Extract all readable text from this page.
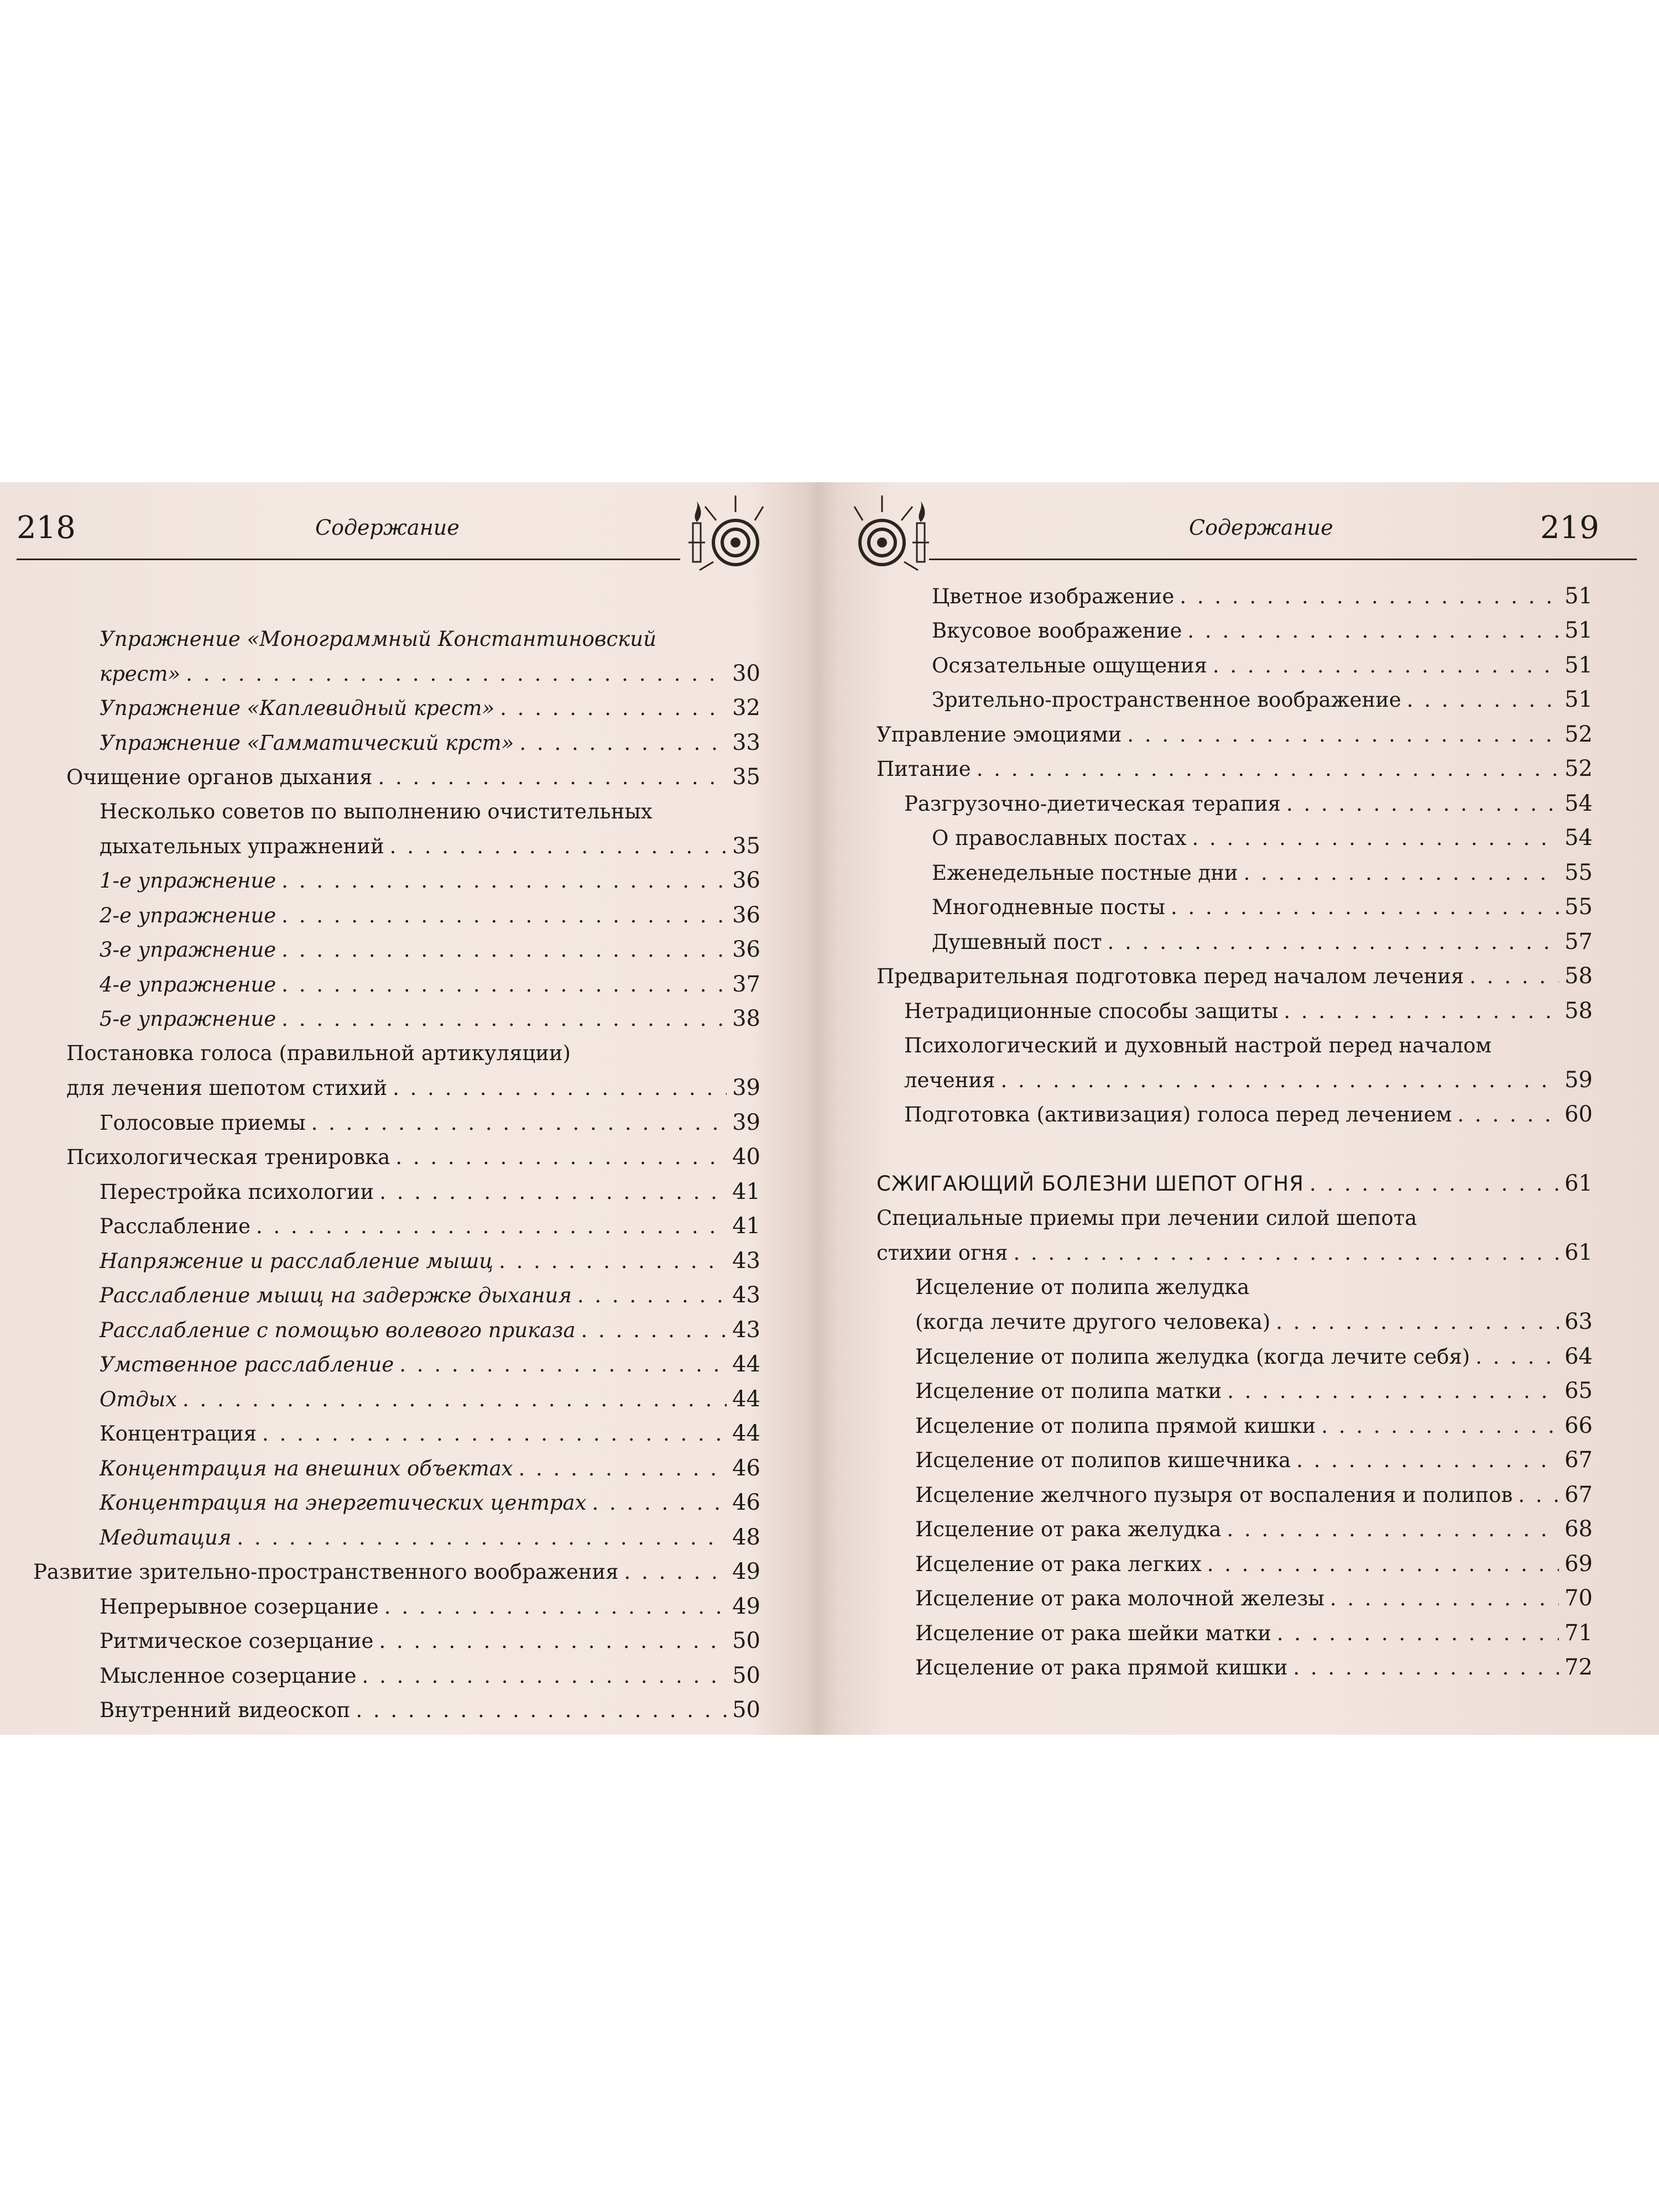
218	Содержание
Упражнение «Монограммный Константиновский
крест» . . .	30
Упражнение «Каплевидный крест» . . .	32
Упражнение «Гамматический крст» . . .	33
Очищение органов дыхания . . .	35
Несколько советов по выполнению очистительных
дыхательных упражнений . . .	35
1-е упражнение . . .	36
2-е упражнение . . .	36
3-е упражнение . . .	36
4-е упражнение . . .	37
5-е упражнение . . .	38
Постановка голоса (правильной артикуляции)
для лечения шепотом стихий . . .	39
Голосовые приемы . . .	39
Психологическая тренировка . . .	40
Перестройка психологии . . .	41
Расслабление . . .	41
Напряжение и расслабление мышц . . .	43
Расслабление мышц на задержке дыхания . . .	43
Расслабление с помощью волевого приказа . . .	43
Умственное расслабление . . .	44
Отдых . . .	44
Концентрация . . .	44
Концентрация на внешних объектах . . .	46
Концентрация на энергетических центрах . . .	46
Медитация . . .	48
Развитие зрительно-пространственного воображения . . .	49
Непрерывное созерцание . . .	49
Ритмическое созерцание . . .	50
Мысленное созерцание . . .	50
Внутренний видеоскоп . . .	50
Содержание	219
Цветное изображение . . .	51
Вкусовое воображение . . .	51
Осязательные ощущения . . .	51
Зрительно-пространственное воображение . . .	51
Управление эмоциями . . .	52
Питание . . .	52
Разгрузочно-диетическая терапия . . .	54
О православных постах . . .	54
Еженедельные постные дни . . .	55
Многодневные посты . . .	55
Душевный пост . . .	57
Предварительная подготовка перед началом лечения . . .	58
Нетрадиционные способы защиты . . .	58
Психологический и духовный настрой перед началом
лечения . . .	59
Подготовка (активизация) голоса перед лечением . . .	60
СЖИГАЮЩИЙ БОЛЕЗНИ ШЕПОТ ОГНЯ . . .	61
Специальные приемы при лечении силой шепота
стихии огня . . .	61
Исцеление от полипа желудка
(когда лечите другого человека) . . .	63
Исцеление от полипа желудка (когда лечите себя) . . .	64
Исцеление от полипа матки . . .	65
Исцеление от полипа прямой кишки . . .	66
Исцеление от полипов кишечника . . .	67
Исцеление желчного пузыря от воспаления и полипов . . . 67
Исцеление от рака желудка . . .	68
Исцеление от рака легких . . .	69
Исцеление от рака молочной железы . . .	70
Исцеление от рака шейки матки . . .	71
Исцеление от рака прямой кишки . . .	72
